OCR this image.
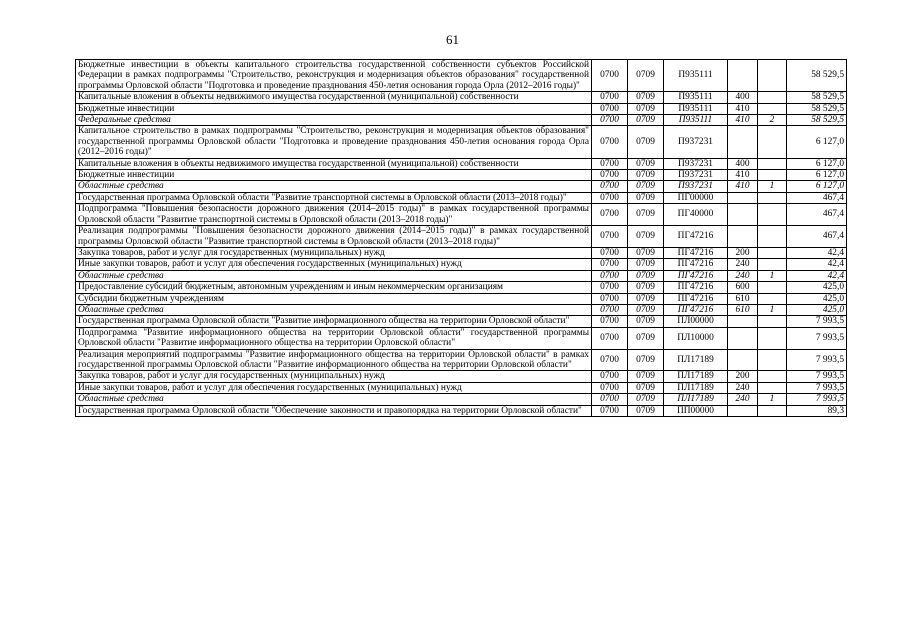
61
Бюджетные инвестиции в объекты капитального строительства государственной собственности субъектов Российской Федерации в рамках подпрограммы "Строительство, реконструкция и модернизация объектов образования" государственной программы Орловской области "Подготовка и проведение празднования 450-летия основания города Орла (2012–2016 годы)"	0700	0709	П935111			58 529,5
Капитальные вложения в объекты недвижимого имущества государственной (муниципальной) собственности	0700	0709	П935111	400		58 529,5
Бюджетные инвестиции	0700	0709	П935111	410		58 529,5
Федеральные средства	0700	0709	П935111	410	2	58 529,5
Капитальное строительство в рамках подпрограммы "Строительство, реконструкция и модернизация объектов образования" государственной программы Орловской области "Подготовка и проведение празднования 450-летия основания города Орла (2012–2016 годы)"	0700	0709	П937231			6 127,0
Капитальные вложения в объекты недвижимого имущества государственной (муниципальной) собственности	0700	0709	П937231	400		6 127,0
Бюджетные инвестиции	0700	0709	П937231	410		6 127,0
Областные средства	0700	0709	П937231	410	1	6 127,0
Государственная программа Орловской области "Развитие транспортной системы в Орловской области (2013–2018 годы)"	0700	0709	ПГ00000			467,4
Подпрограмма "Повышения безопасности дорожного движения (2014–2015 годы)" в рамках государственной программы Орловской области "Развитие транспортной системы в Орловской области (2013–2018 годы)"	0700	0709	ПГ40000			467,4
Реализация подпрограммы "Повышения безопасности дорожного движения (2014–2015 годы)" в рамках государственной программы Орловской области "Развитие транспортной системы в Орловской области (2013–2018 годы)"	0700	0709	ПГ47216			467,4
Закупка товаров, работ и услуг для государственных (муниципальных) нужд	0700	0709	ПГ47216	200		42,4
Иные закупки товаров, работ и услуг для обеспечения государственных (муниципальных) нужд	0700	0709	ПГ47216	240		42,4
Областные средства	0700	0709	ПГ47216	240	1	42,4
Предоставление субсидий бюджетным, автономным учреждениям и иным некоммерческим организациям	0700	0709	ПГ47216	600		425,0
Субсидии бюджетным учреждениям	0700	0709	ПГ47216	610		425,0
Областные средства	0700	0709	ПГ47216	610	1	425,0
Государственная программа Орловской области "Развитие информационного общества на территории Орловской области"	0700	0709	ПЛ00000			7 993,5
Подпрограмма "Развитие информационного общества на территории Орловской области" государственной программы Орловской области "Развитие информационного общества на территории Орловской области"	0700	0709	ПЛ10000			7 993,5
Реализация мероприятий подпрограммы "Развитие информационного общества на территории Орловской области" в рамках государственной программы Орловской области "Развитие информационного общества на территории Орловской области"	0700	0709	ПЛ17189			7 993,5
Закупка товаров, работ и услуг для государственных (муниципальных) нужд	0700	0709	ПЛ17189	200		7 993,5
Иные закупки товаров, работ и услуг для обеспечения государственных (муниципальных) нужд	0700	0709	ПЛ17189	240		7 993,5
Областные средства	0700	0709	ПЛ17189	240	1	7 993,5
Государственная программа Орловской области "Обеспечение законности и правопорядка на территории Орловской области"	0700	0709	ПП00000			89,3
